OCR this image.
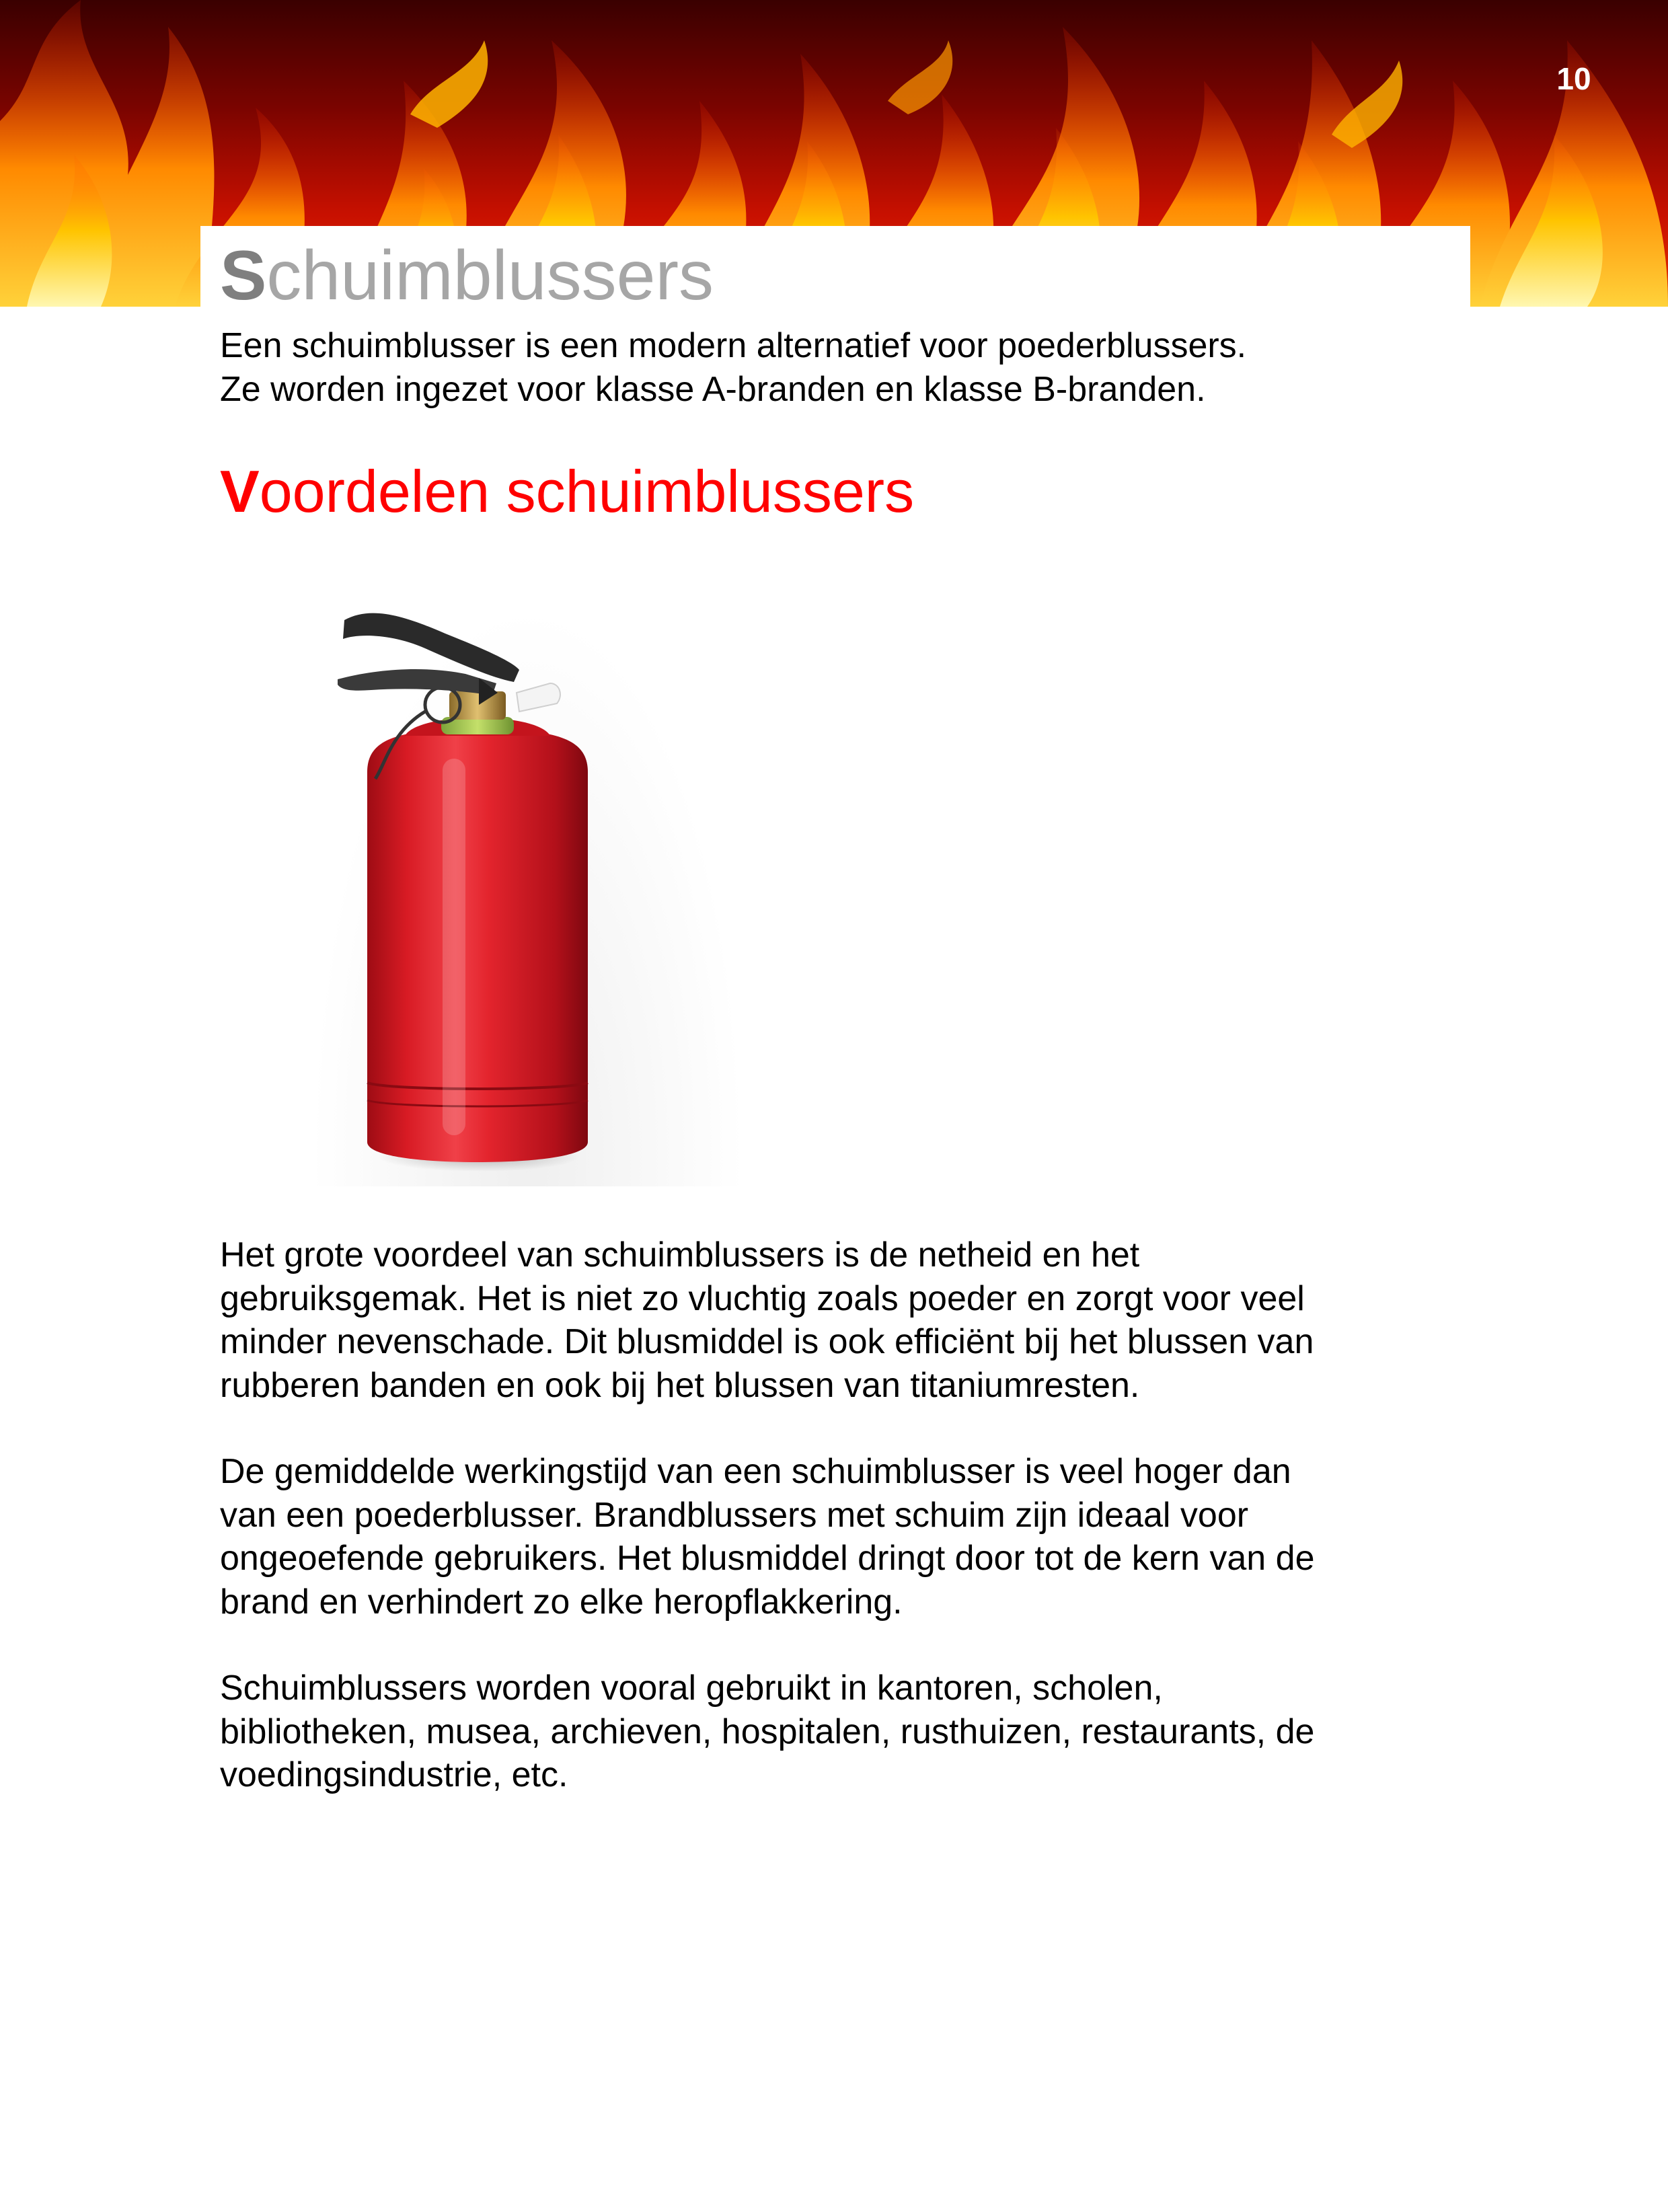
10
Schuimblussers

Een schuimblusser is een modern alternatief voor poederblussers.

Ze worden ingezet voor klasse A-branden en klasse B-branden.

Voordelen schuimblussers
Het grote voordeel van schuimblussers is de netheid en het
gebruiksgemak. Het is niet zo vluchtig zoals poeder en zorgt voor veel
minder nevenschade. Dit blusmiddel is ook efficiënt bij het blussen van
rubberen banden en ook bij het blussen van titaniumresten.
De gemiddelde werkingstijd van een schuimblusser is veel hoger dan
van een poederblusser. Brandblussers met schuim zijn ideaal voor
ongeoefende gebruikers. Het blusmiddel dringt door tot de kern van de
brand en verhindert zo elke heropflakkering.
Schuimblussers worden vooral gebruikt in kantoren, scholen,
bibliotheken, musea, archieven, hospitalen, rusthuizen, restaurants, de
voedingsindustrie, etc.
